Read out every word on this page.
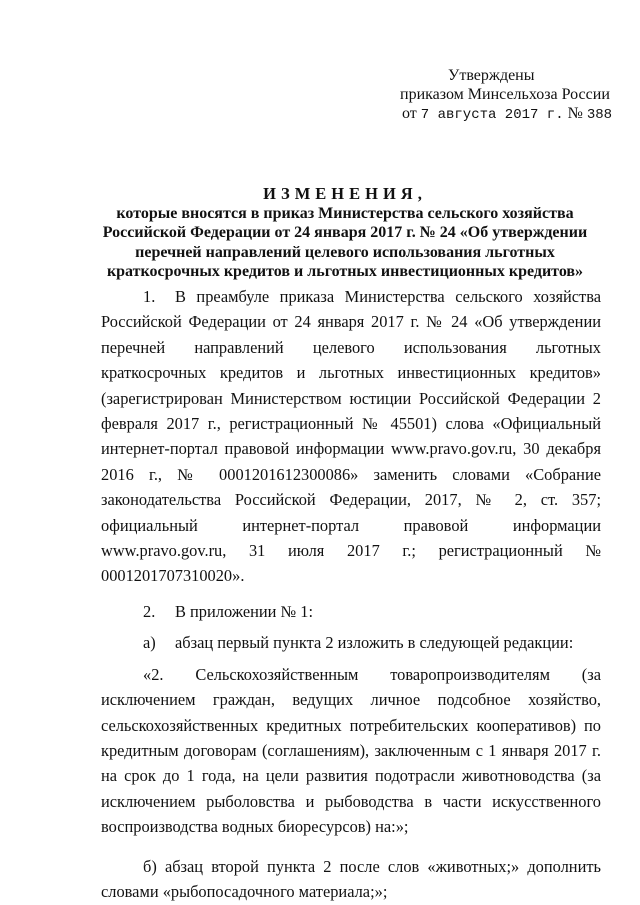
Утверждены
приказом Минсельхоза России
от 7 августа 2017 г. № 388
ИЗМЕНЕНИЯ,
которые вносятся в приказ Министерства сельского хозяйства Российской Федерации от 24 января 2017 г. № 24 «Об утверждении перечней направлений целевого использования льготных краткосрочных кредитов и льготных инвестиционных кредитов»

1. В преамбуле приказа Министерства сельского хозяйства Российской Федерации от 24 января 2017 г. № 24 «Об утверждении перечней направлений целевого использования льготных краткосрочных кредитов и льготных инвестиционных кредитов» (зарегистрирован Министерством юстиции Российской Федерации 2 февраля 2017 г., регистрационный № 45501) слова «Официальный интернет-портал правовой информации www.pravo.gov.ru, 30 декабря 2016 г., № 0001201612300086» заменить словами «Собрание законодательства Российской Федерации, 2017, № 2, ст. 357; официальный интернет-портал правовой информации www.pravo.gov.ru, 31 июля 2017 г.; регистрационный № 0001201707310020».

2. В приложении № 1:

а) абзац первый пункта 2 изложить в следующей редакции:

«2. Сельскохозяйственным товаропроизводителям (за исключением граждан, ведущих личное подсобное хозяйство, сельскохозяйственных кредитных потребительских кооперативов) по кредитным договорам (соглашениям), заключенным с 1 января 2017 г. на срок до 1 года, на цели развития подотрасли животноводства (за исключением рыболовства и рыбоводства в части искусственного воспроизводства водных биоресурсов) на:»;

б) абзац второй пункта 2 после слов «животных;» дополнить словами «рыбопосадочного материала;»;
